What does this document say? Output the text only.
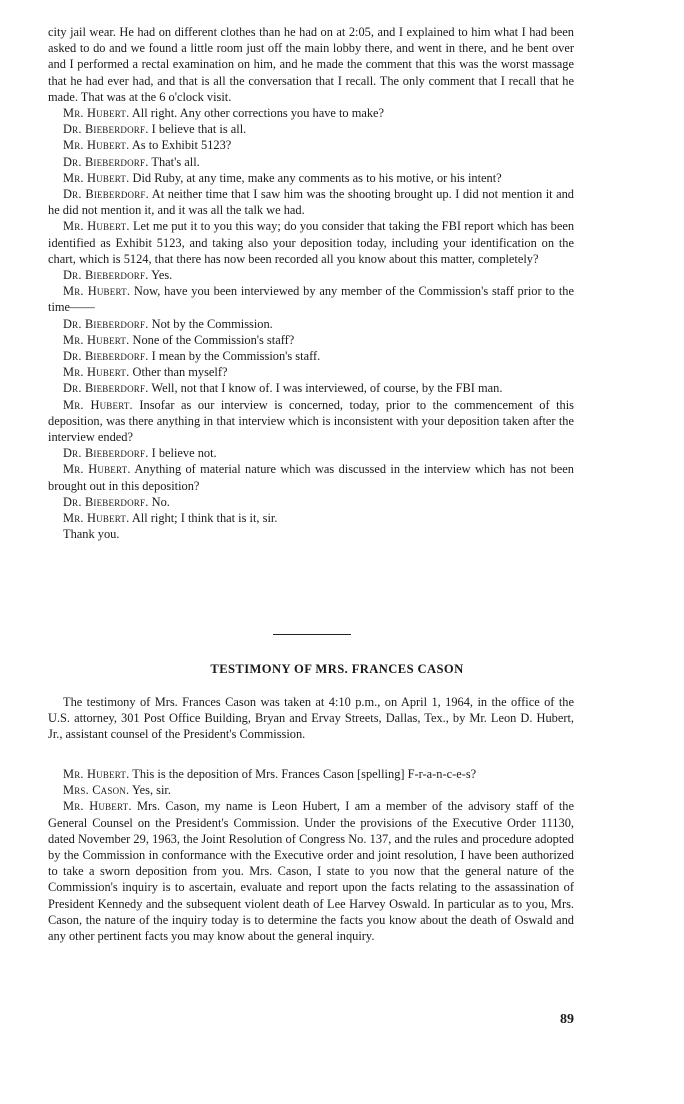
city jail wear. He had on different clothes than he had on at 2:05, and I explained to him what I had been asked to do and we found a little room just off the main lobby there, and went in there, and he bent over and I performed a rectal examination on him, and he made the comment that this was the worst massage that he had ever had, and that is all the conversation that I recall. The only comment that I recall that he made. That was at the 6 o'clock visit.

Mr. Hubert. All right. Any other corrections you have to make?

Dr. Bieberdorf. I believe that is all.

Mr. Hubert. As to Exhibit 5123?

Dr. Bieberdorf. That's all.

Mr. Hubert. Did Ruby, at any time, make any comments as to his motive, or his intent?

Dr. Bieberdorf. At neither time that I saw him was the shooting brought up. I did not mention it and he did not mention it, and it was all the talk we had.

Mr. Hubert. Let me put it to you this way; do you consider that taking the FBI report which has been identified as Exhibit 5123, and taking also your deposition today, including your identification on the chart, which is 5124, that there has now been recorded all you know about this matter, completely?

Dr. Bieberdorf. Yes.

Mr. Hubert. Now, have you been interviewed by any member of the Commission's staff prior to the time——

Dr. Bieberdorf. Not by the Commission.

Mr. Hubert. None of the Commission's staff?

Dr. Bieberdorf. I mean by the Commission's staff.

Mr. Hubert. Other than myself?

Dr. Bieberdorf. Well, not that I know of. I was interviewed, of course, by the FBI man.

Mr. Hubert. Insofar as our interview is concerned, today, prior to the commencement of this deposition, was there anything in that interview which is inconsistent with your deposition taken after the interview ended?

Dr. Bieberdorf. I believe not.

Mr. Hubert. Anything of material nature which was discussed in the interview which has not been brought out in this deposition?

Dr. Bieberdorf. No.

Mr. Hubert. All right; I think that is it, sir.

Thank you.

TESTIMONY OF MRS. FRANCES CASON

The testimony of Mrs. Frances Cason was taken at 4:10 p.m., on April 1, 1964, in the office of the U.S. attorney, 301 Post Office Building, Bryan and Ervay Streets, Dallas, Tex., by Mr. Leon D. Hubert, Jr., assistant counsel of the President's Commission.

Mr. Hubert. This is the deposition of Mrs. Frances Cason [spelling] F-r-a-n-c-e-s?

Mrs. Cason. Yes, sir.

Mr. Hubert. Mrs. Cason, my name is Leon Hubert, I am a member of the advisory staff of the General Counsel on the President's Commission. Under the provisions of the Executive Order 11130, dated November 29, 1963, the Joint Resolution of Congress No. 137, and the rules and procedure adopted by the Commission in conformance with the Executive order and joint resolution, I have been authorized to take a sworn deposition from you. Mrs. Cason, I state to you now that the general nature of the Commission's inquiry is to ascertain, evaluate and report upon the facts relating to the assassination of President Kennedy and the subsequent violent death of Lee Harvey Oswald. In particular as to you, Mrs. Cason, the nature of the inquiry today is to determine the facts you know about the death of Oswald and any other pertinent facts you may know about the general inquiry.

89
